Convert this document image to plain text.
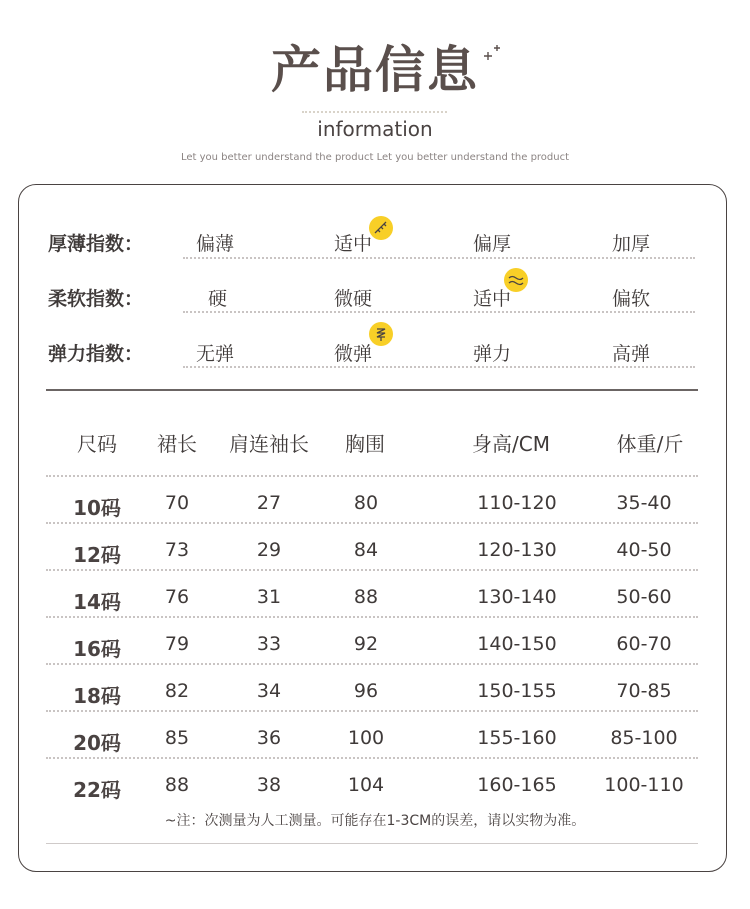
产品信息
information
Let you better understand the product Let you better understand the product
厚薄指数：	偏薄	适中	偏厚	加厚
柔软指数：	硬	微硬	适中	偏软
弹力指数：	无弹	微弹	弹力	高弹
尺码	裙长	肩连袖长	胸围	身高/CM	体重/斤
10码	70	27	80	110-120	35-40
12码	73	29	84	120-130	40-50
14码	76	31	88	130-140	50-60
16码	79	33	92	140-150	60-70
18码	82	34	96	150-155	70-85
20码	85	36	100	155-160	85-100
22码	88	38	104	160-165	100-110
~注：次测量为人工测量。可能存在1-3CM的误差，请以实物为准。
